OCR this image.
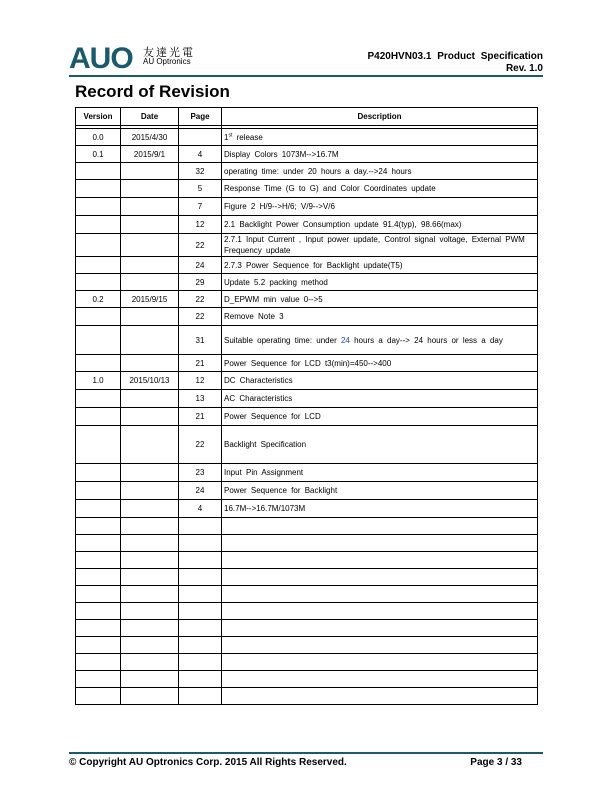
AUO 友達光電
AU Optronics	P420HVN03.1 Product Specification
Rev. 1.0
Record of Revision
Version	Date	Page	Description

0.0	2015/4/30		1st release
0.1	2015/9/1	4	Display Colors 1073M-->16.7M
		32	operating time: under 20 hours a day.-->24 hours
		5	Response Time (G to G) and Color Coordinates update
		7	Figure 2 H/9-->H/6; V/9-->V/6
		12	2.1 Backlight Power Consumption update 91.4(typ), 98.66(max)
		22	2.7.1 Input Current , Input power update, Control signal voltage, External PWM Frequency update
		24	2.7.3 Power Sequence for Backlight update(T5)
		29	Update 5.2 packing method
0.2	2015/9/15	22	D_EPWM min value 0-->5
		22	Remove Note 3
		31	Suitable operating time: under 24 hours a day--> 24 hours or less a day
		21	Power Sequence for LCD t3(min)=450-->400
1.0	2015/10/13	12	DC Characteristics
		13	AC Characteristics
		21	Power Sequence for LCD
		22	Backlight Specification
		23	Input Pin Assignment
		24	Power Sequence for Backlight
		4	16.7M-->16.7M/1073M

© Copyright AU Optronics Corp. 2015 All Rights Reserved.	Page 3 / 33
